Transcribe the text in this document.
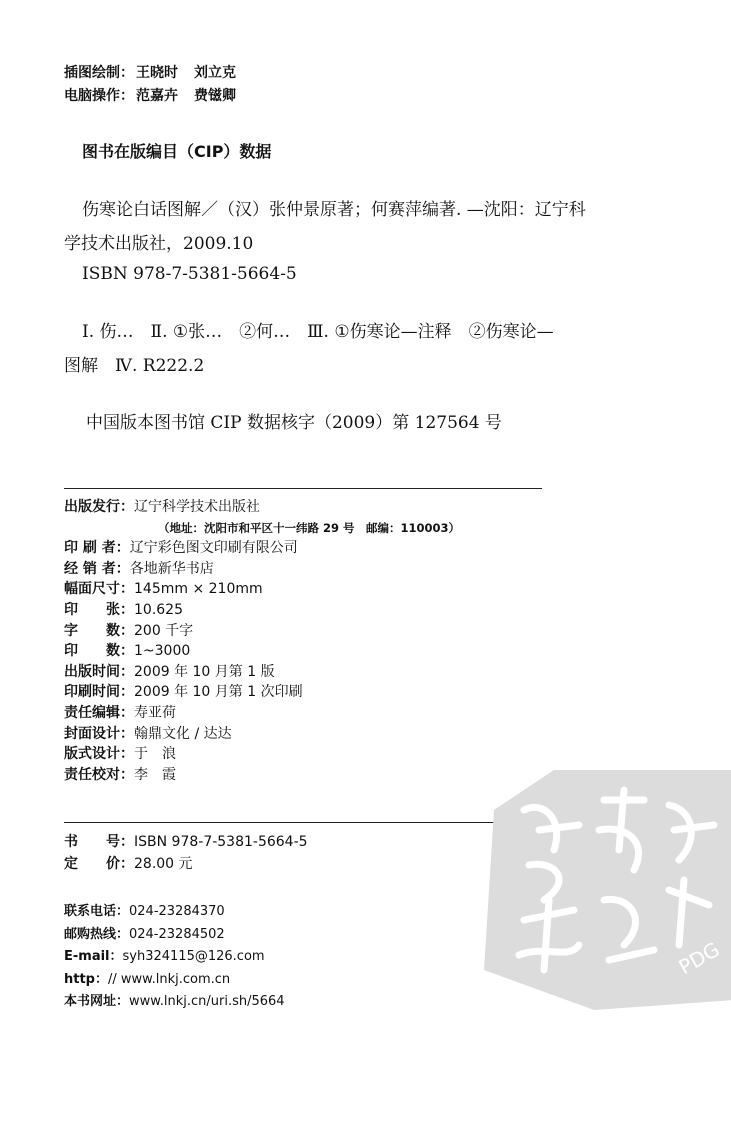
插图绘制： 王晓时 刘立克
电脑操作： 范嘉卉 费镃卿
图书在版编目（CIP）数据
伤寒论白话图解／（汉）张仲景原著；何赛萍编著. —沈阳：辽宁科
学技术出版社，2009.10
ISBN 978-7-5381-5664-5
Ⅰ. 伤…　Ⅱ. ①张…　②何…　Ⅲ. ①伤寒论—注释　②伤寒论—
图解　Ⅳ. R222.2
中国版本图书馆 CIP 数据核字（2009）第 127564 号
出版发行：辽宁科学技术出版社
（地址：沈阳市和平区十一纬路 29 号　邮编：110003）
印 刷 者：辽宁彩色图文印刷有限公司
经 销 者：各地新华书店
幅面尺寸：145mm × 210mm
印　　张：10.625
字　　数：200 千字
印　　数：1~3000
出版时间：2009 年 10 月第 1 版
印刷时间：2009 年 10 月第 1 次印刷
责任编辑：寿亚荷
封面设计：翰鼎文化 / 达达
版式设计：于　浪
责任校对：李　霞
书　　号：ISBN 978-7-5381-5664-5
定　　价：28.00 元
联系电话：024-23284370
邮购热线：024-23284502
E-mail：syh324115@126.com
http：// www.lnkj.com.cn
本书网址：www.lnkj.cn/uri.sh/5664
PDG
